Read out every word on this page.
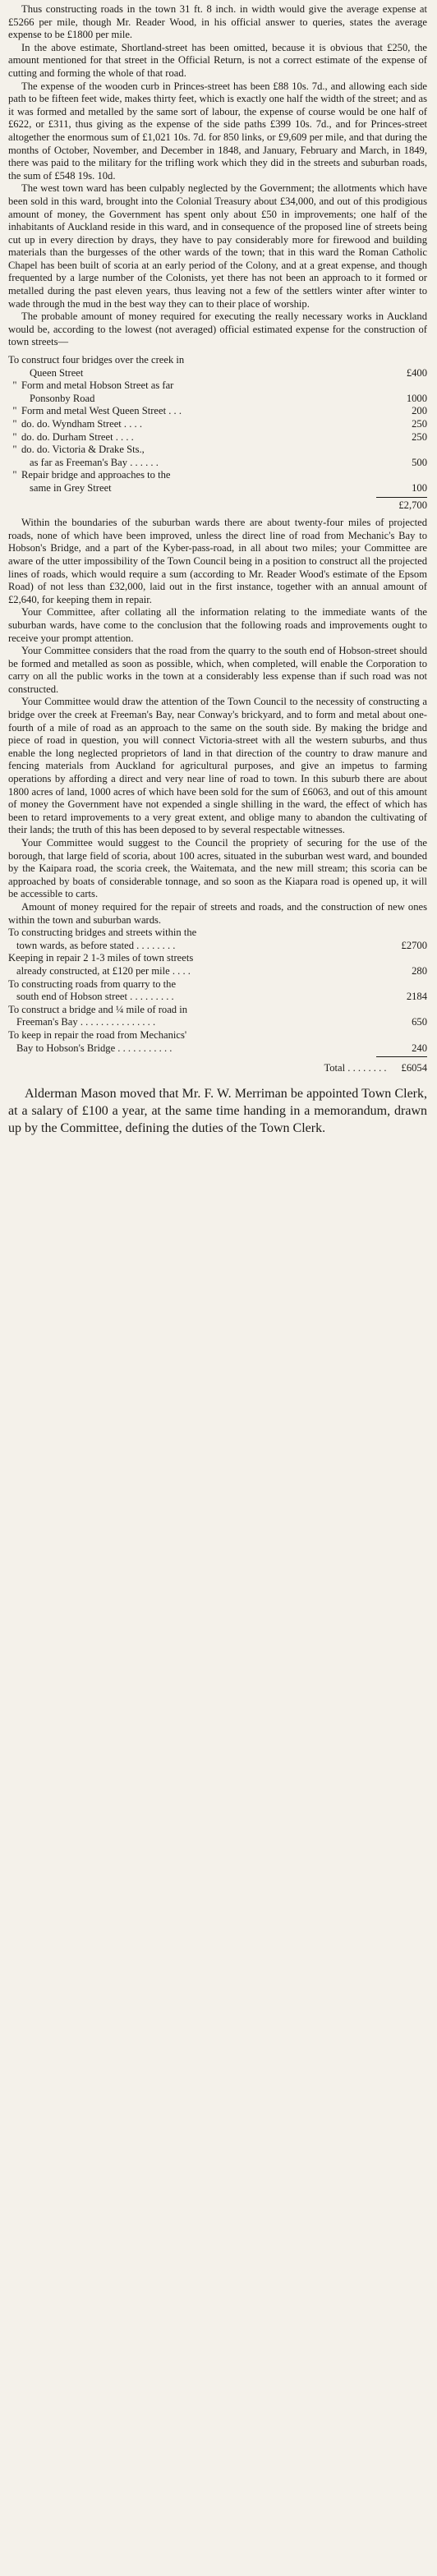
Thus constructing roads in the town 31 ft. 8 inch. in width would give the average expense at £5266 per mile, though Mr. Reader Wood, in his official answer to queries, states the average expense to be £1800 per mile.

In the above estimate, Shortland-street has been omitted, because it is obvious that £250, the amount mentioned for that street in the Official Return, is not a correct estimate of the expense of cutting and forming the whole of that road.

The expense of the wooden curb in Princes-street has been £88 10s. 7d., and allowing each side path to be fifteen feet wide, makes thirty feet, which is exactly one half the width of the street; and as it was formed and metalled by the same sort of labour, the expense of course would be one half of £622, or £311, thus giving as the expense of the side paths £399 10s. 7d., and for Princes-street altogether the enormous sum of £1,021 10s. 7d. for 850 links, or £9,609 per mile, and that during the months of October, November, and December in 1848, and January, February and March, in 1849, there was paid to the military for the trifling work which they did in the streets and suburban roads, the sum of £548 19s. 10d.

The west town ward has been culpably neglected by the Government; the allotments which have been sold in this ward, brought into the Colonial Treasury about £34,000, and out of this prodigious amount of money, the Government has spent only about £50 in improvements; one half of the inhabitants of Auckland reside in this ward, and in consequence of the proposed line of streets being cut up in every direction by drays, they have to pay considerably more for firewood and building materials than the burgesses of the other wards of the town; that in this ward the Roman Catholic Chapel has been built of scoria at an early period of the Colony, and at a great expense, and though frequented by a large number of the Colonists, yet there has not been an approach to it formed or metalled during the past eleven years, thus leaving not a few of the settlers winter after winter to wade through the mud in the best way they can to their place of worship.

The probable amount of money required for executing the really necessary works in Auckland would be, according to the lowest (not averaged) official estimated expense for the construction of town streets—

To construct four bridges over the creek in

	Queen Street	£400
"	Form and metal Hobson Street as far
Ponsonby Road	1000
"	Form and metal West Queen Street . . .	200
"	do. do. Wyndham Street . . . .	250
"	do. do. Durham Street . . . .	250
"	do. do. Victoria & Drake Sts.,
as far as Freeman's Bay . . . . . .	500
"	Repair bridge and approaches to the
same in Grey Street	100
£2,700

Within the boundaries of the suburban wards there are about twenty-four miles of projected roads, none of which have been improved, unless the direct line of road from Mechanic's Bay to Hobson's Bridge, and a part of the Kyber-pass-road, in all about two miles; your Committee are aware of the utter impossibility of the Town Council being in a position to construct all the projected lines of roads, which would require a sum (according to Mr. Reader Wood's estimate of the Epsom Road) of not less than £32,000, laid out in the first instance, together with an annual amount of £2,640, for keeping them in repair.

Your Committee, after collating all the information relating to the immediate wants of the suburban wards, have come to the conclusion that the following roads and improvements ought to receive your prompt attention.

Your Committee considers that the road from the quarry to the south end of Hobson-street should be formed and metalled as soon as possible, which, when completed, will enable the Corporation to carry on all the public works in the town at a considerably less expense than if such road was not constructed.

Your Committee would draw the attention of the Town Council to the necessity of constructing a bridge over the creek at Freeman's Bay, near Conway's brickyard, and to form and metal about one-fourth of a mile of road as an approach to the same on the south side. By making the bridge and piece of road in question, you will connect Victoria-street with all the western suburbs, and thus enable the long neglected proprietors of land in that direction of the country to draw manure and fencing materials from Auckland for agricultural purposes, and give an impetus to farming operations by affording a direct and very near line of road to town. In this suburb there are about 1800 acres of land, 1000 acres of which have been sold for the sum of £6063, and out of this amount of money the Government have not expended a single shilling in the ward, the effect of which has been to retard improvements to a very great extent, and oblige many to abandon the cultivating of their lands; the truth of this has been deposed to by several respectable witnesses.

Your Committee would suggest to the Council the propriety of securing for the use of the borough, that large field of scoria, about 100 acres, situated in the suburban west ward, and bounded by the Kaipara road, the scoria creek, the Waitemata, and the new mill stream; this scoria can be approached by boats of considerable tonnage, and so soon as the Kiapara road is opened up, it will be accessible to carts.

Amount of money required for the repair of streets and roads, and the construction of new ones within the town and suburban wards.

To constructing bridges and streets within the
town wards, as before stated . . . . . . . .	£2700

Keeping in repair 2 1-3 miles of town streets
already constructed, at £120 per mile . . . .	280

To constructing roads from quarry to the
south end of Hobson street . . . . . . . . .	2184

To construct a bridge and ¼ mile of road in
Freeman's Bay . . . . . . . . . . . . . . .	650

To keep in repair the road from Mechanics'
Bay to Hobson's Bridge . . . . . . . . . . .	240
Total . . . . . . . . £6054

Alderman Mason moved that Mr. F. W. Merriman be appointed Town Clerk, at a salary of £100 a year, at the same time handing in a memorandum, drawn up by the Committee, defining the duties of the Town Clerk.
